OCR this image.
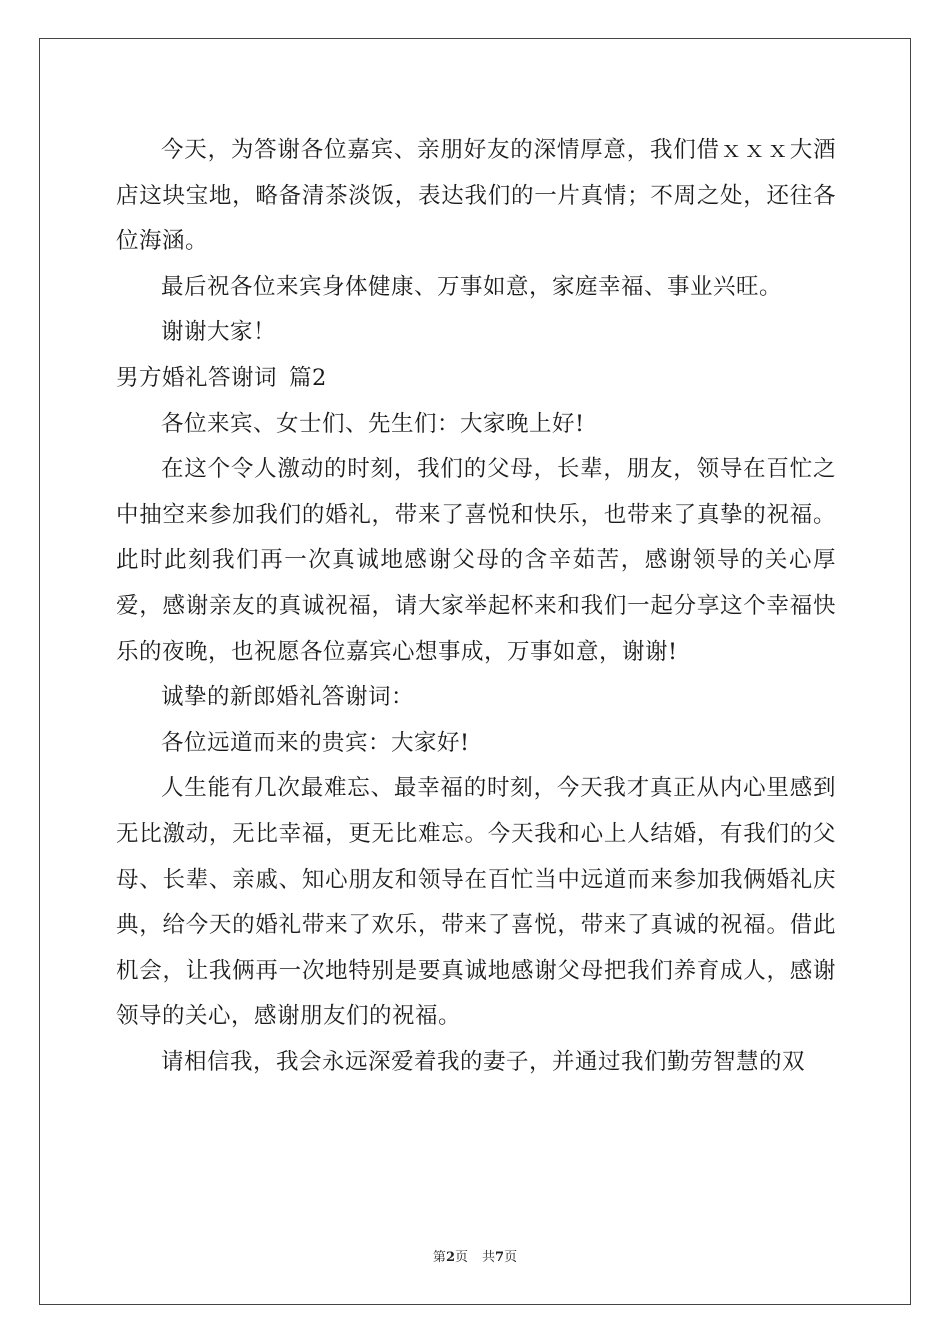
今天，为答谢各位嘉宾、亲朋好友的深情厚意，我们借ｘｘｘ大酒店这块宝地，略备清茶淡饭，表达我们的一片真情；不周之处，还往各位海涵。

最后祝各位来宾身体健康、万事如意，家庭幸福、事业兴旺。

谢谢大家！

男方婚礼答谢词 篇2

各位来宾、女士们、先生们：大家晚上好!

在这个令人激动的时刻，我们的父母，长辈，朋友，领导在百忙之中抽空来参加我们的婚礼，带来了喜悦和快乐，也带来了真挚的祝福。此时此刻我们再一次真诚地感谢父母的含辛茹苦，感谢领导的关心厚爱，感谢亲友的真诚祝福，请大家举起杯来和我们一起分享这个幸福快乐的夜晚，也祝愿各位嘉宾心想事成，万事如意，谢谢!

诚挚的新郎婚礼答谢词：

各位远道而来的贵宾：大家好!

人生能有几次最难忘、最幸福的时刻，今天我才真正从内心里感到无比激动，无比幸福，更无比难忘。今天我和心上人结婚，有我们的父母、长辈、亲戚、知心朋友和领导在百忙当中远道而来参加我俩婚礼庆典，给今天的婚礼带来了欢乐，带来了喜悦，带来了真诚的祝福。借此机会，让我俩再一次地特别是要真诚地感谢父母把我们养育成人，感谢领导的关心，感谢朋友们的祝福。

请相信我，我会永远深爱着我的妻子，并通过我们勤劳智慧的双

第2页 共7页
